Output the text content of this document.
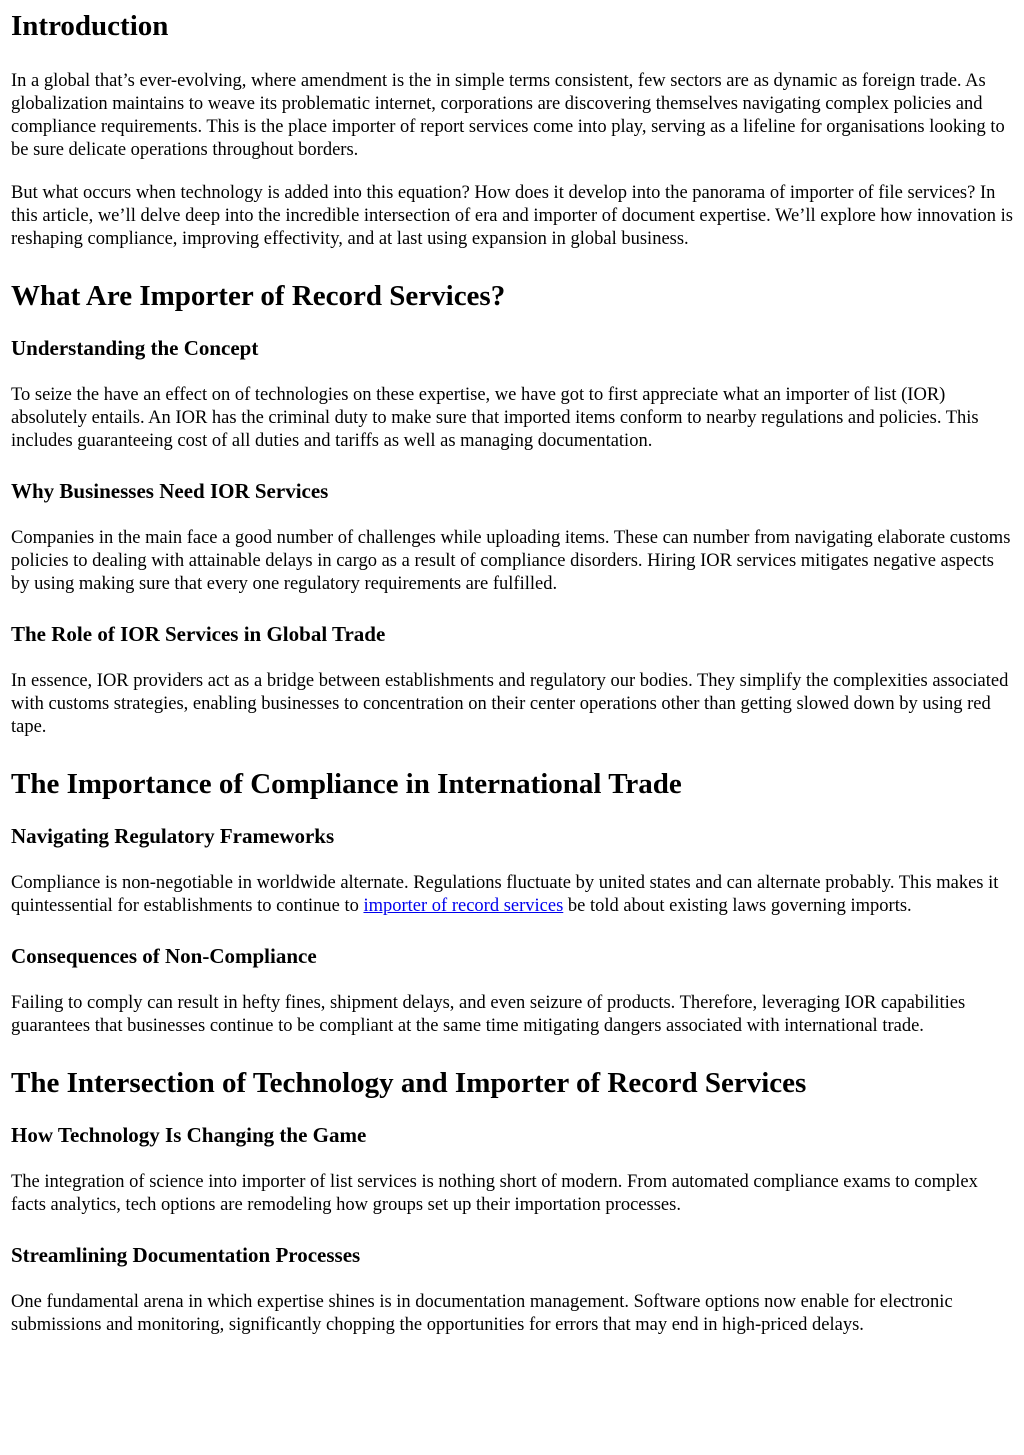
Introduction

In a global that’s ever-evolving, where amendment is the in simple terms consistent, few sectors are as dynamic as foreign trade. As globalization maintains to weave its problematic internet, corporations are discovering themselves navigating complex policies and compliance requirements. This is the place importer of report services come into play, serving as a lifeline for organisations looking to be sure delicate operations throughout borders.

But what occurs when technology is added into this equation? How does it develop into the panorama of importer of file services? In this article, we’ll delve deep into the incredible intersection of era and importer of document expertise. We’ll explore how innovation is reshaping compliance, improving effectivity, and at last using expansion in global business.

What Are Importer of Record Services?
Understanding the Concept

To seize the have an effect on of technologies on these expertise, we have got to first appreciate what an importer of list (IOR) absolutely entails. An IOR has the criminal duty to make sure that imported items conform to nearby regulations and policies. This includes guaranteeing cost of all duties and tariffs as well as managing documentation.

Why Businesses Need IOR Services

Companies in the main face a good number of challenges while uploading items. These can number from navigating elaborate customs policies to dealing with attainable delays in cargo as a result of compliance disorders. Hiring IOR services mitigates negative aspects by using making sure that every one regulatory requirements are fulfilled.

The Role of IOR Services in Global Trade

In essence, IOR providers act as a bridge between establishments and regulatory our bodies. They simplify the complexities associated with customs strategies, enabling businesses to concentration on their center operations other than getting slowed down by using red tape.

The Importance of Compliance in International Trade
Navigating Regulatory Frameworks

Compliance is non-negotiable in worldwide alternate. Regulations fluctuate by united states and can alternate probably. This makes it quintessential for establishments to continue to importer of record services be told about existing laws governing imports.

Consequences of Non-Compliance

Failing to comply can result in hefty fines, shipment delays, and even seizure of products. Therefore, leveraging IOR capabilities guarantees that businesses continue to be compliant at the same time mitigating dangers associated with international trade.

The Intersection of Technology and Importer of Record Services
How Technology Is Changing the Game

The integration of science into importer of list services is nothing short of modern. From automated compliance exams to complex facts analytics, tech options are remodeling how groups set up their importation processes.

Streamlining Documentation Processes

One fundamental arena in which expertise shines is in documentation management. Software options now enable for electronic submissions and monitoring, significantly chopping the opportunities for errors that may end in high-priced delays.
